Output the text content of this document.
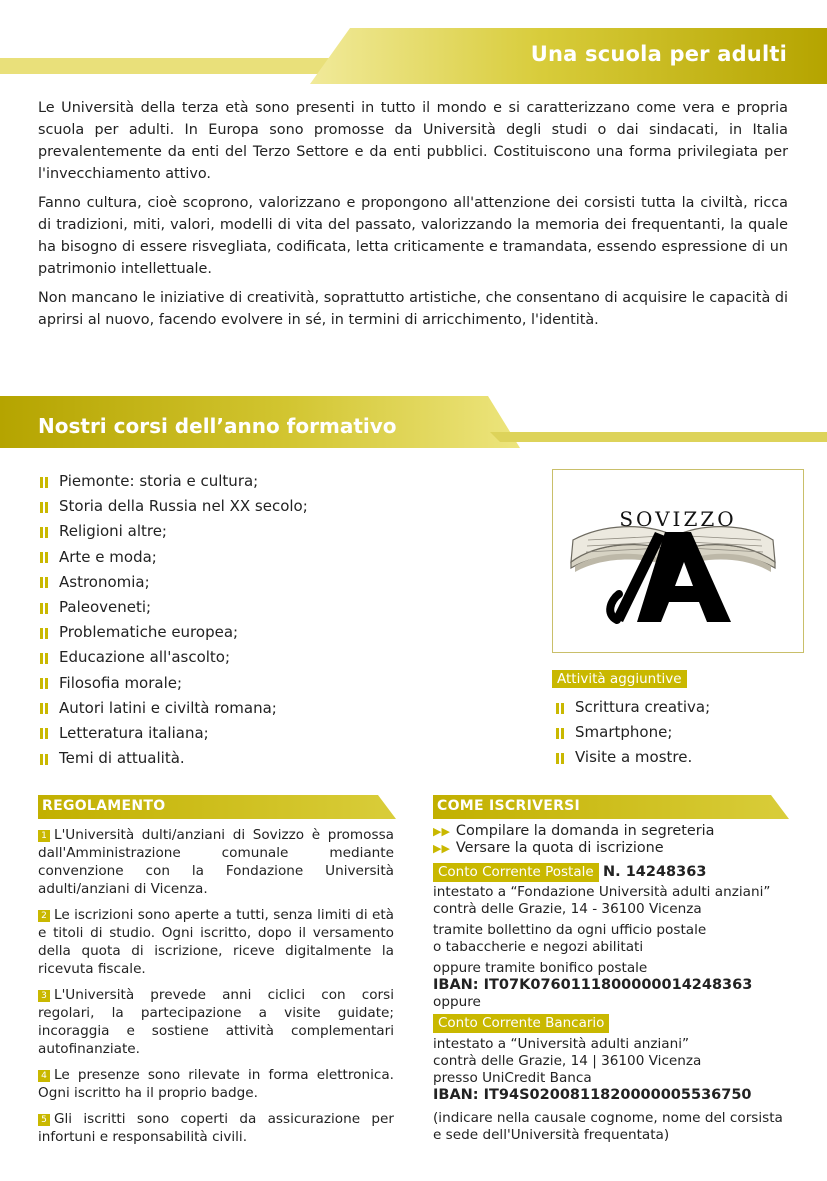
Una scuola per adulti

Le Università della terza età sono presenti in tutto il mondo e si caratterizzano come vera e propria scuola per adulti. In Europa sono promosse da Università degli studi o dai sindacati, in Italia prevalentemente da enti del Terzo Settore e da enti pubblici. Costituiscono una forma privilegiata per l'invecchiamento attivo.

Fanno cultura, cioè scoprono, valorizzano e propongono all'attenzione dei corsisti tutta la civiltà, ricca di tradizioni, miti, valori, modelli di vita del passato, valorizzando la memoria dei frequentanti, la quale ha bisogno di essere risvegliata, codificata, letta criticamente e tramandata, essendo espressione di un patrimonio intellettuale.

Non mancano le iniziative di creatività, soprattutto artistiche, che consentano di acquisire le capacità di aprirsi al nuovo, facendo evolvere in sé, in termini di arricchimento, l'identità.

Nostri corsi dell’anno formativo
Piemonte: storia e cultura;
Storia della Russia nel XX secolo;
Religioni altre;
Arte e moda;
Astronomia;
Paleoveneti;
Problematiche europea;
Educazione all'ascolto;
Filosofia morale;
Autori latini e civiltà romana;
Letteratura italiana;
Temi di attualità.
SOVIZZO
Attività aggiuntive
Scrittura creativa;
Smartphone;
Visite a mostre.
REGOLAMENTO

1 L'Università dulti/anziani di Sovizzo è promossa dall'Amministrazione comunale mediante convenzione con la Fondazione Università adulti/anziani di Vicenza.

2 Le iscrizioni sono aperte a tutti, senza limiti di età e titoli di studio. Ogni iscritto, dopo il versamento della quota di iscrizione, riceve digitalmente la ricevuta fiscale.

3 L'Università prevede anni ciclici con corsi regolari, la partecipazione a visite guidate; incoraggia e sostiene attività complementari autofinanziate.

4 Le presenze sono rilevate in forma elettronica. Ogni iscritto ha il proprio badge.

5 Gli iscritti sono coperti da assicurazione per infortuni e responsabilità civili.

COME ISCRIVERSI
▶▶ Compilare la domanda in segreteria
▶▶ Versare la quota di iscrizione
Conto Corrente Postale N. 14248363
intestato a “Fondazione Università adulti anziani”
contrà delle Grazie, 14 - 36100 Vicenza
tramite bollettino da ogni ufficio postale
o tabaccherie e negozi abilitati
oppure tramite bonifico postale
IBAN: IT07K0760111800000014248363
oppure
Conto Corrente Bancario
intestato a “Università adulti anziani”
contrà delle Grazie, 14 | 36100 Vicenza
presso UniCredit Banca
IBAN: IT94S0200811820000005536750
(indicare nella causale cognome, nome del corsista e sede dell'Università frequentata)
